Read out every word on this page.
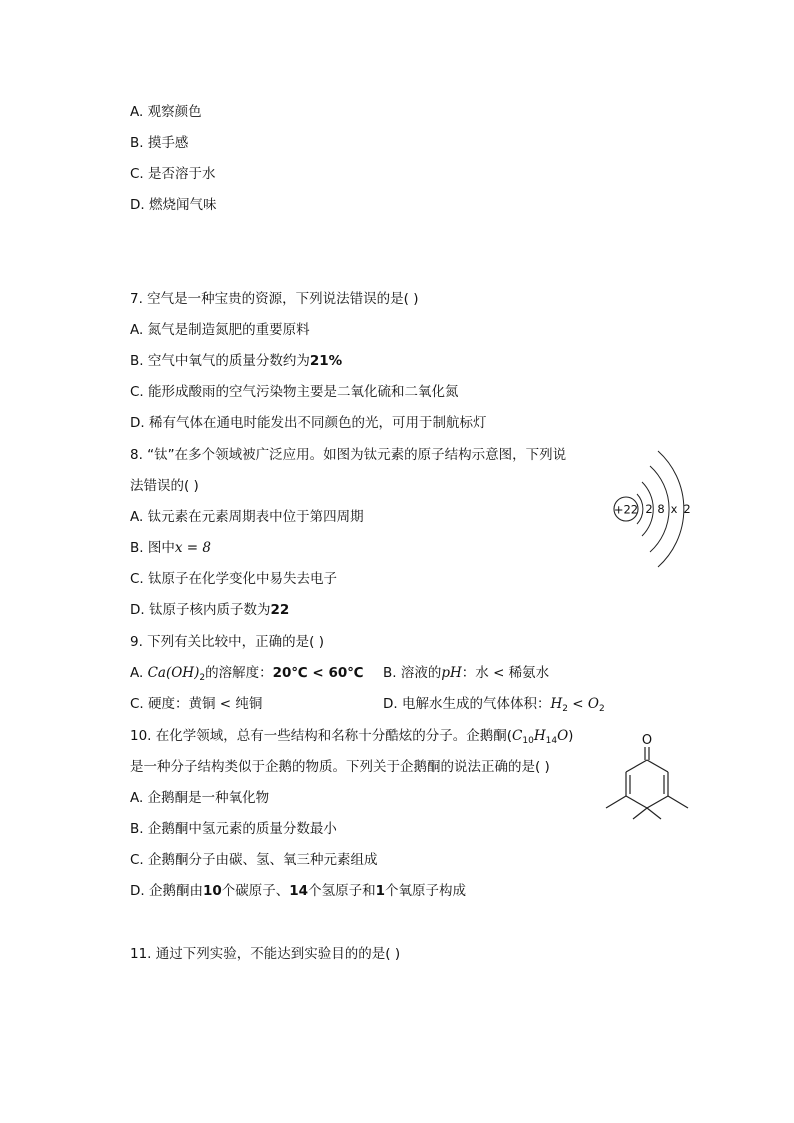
A. 观察颜色
B. 摸手感
C. 是否溶于水
D. 燃烧闻气味
7. 空气是一种宝贵的资源，下列说法错误的是( )
A. 氮气是制造氮肥的重要原料
B. 空气中氧气的质量分数约为21%
C. 能形成酸雨的空气污染物主要是二氧化硫和二氧化氮
D. 稀有气体在通电时能发出不同颜色的光，可用于制航标灯
8. “钛”在多个领域被广泛应用。如图为钛元素的原子结构示意图，下列说
法错误的( )
A. 钛元素在元素周期表中位于第四周期
B. 图中x = 8
C. 钛原子在化学变化中易失去电子
D. 钛原子核内质子数为22
+22 2 8 x 2
9. 下列有关比较中，正确的是( )
A. $Ca(OH)_2$的溶解度：20℃ < 60℃ B. 溶液的pH：水 < 稀氨水
C. 硬度：黄铜 < 纯铜	D. 电解水生成的气体体积：$H_2 < O_2$
10. 在化学领域，总有一些结构和名称十分酷炫的分子。企鹅酮$(C_{10}H_{14}O)$
是一种分子结构类似于企鹅的物质。下列关于企鹅酮的说法正确的是( )
A. 企鹅酮是一种氧化物
B. 企鹅酮中氢元素的质量分数最小
C. 企鹅酮分子由碳、氢、氧三种元素组成
D. 企鹅酮由10个碳原子、14个氢原子和1个氧原子构成
O
11. 通过下列实验，不能达到实验目的的是( )
